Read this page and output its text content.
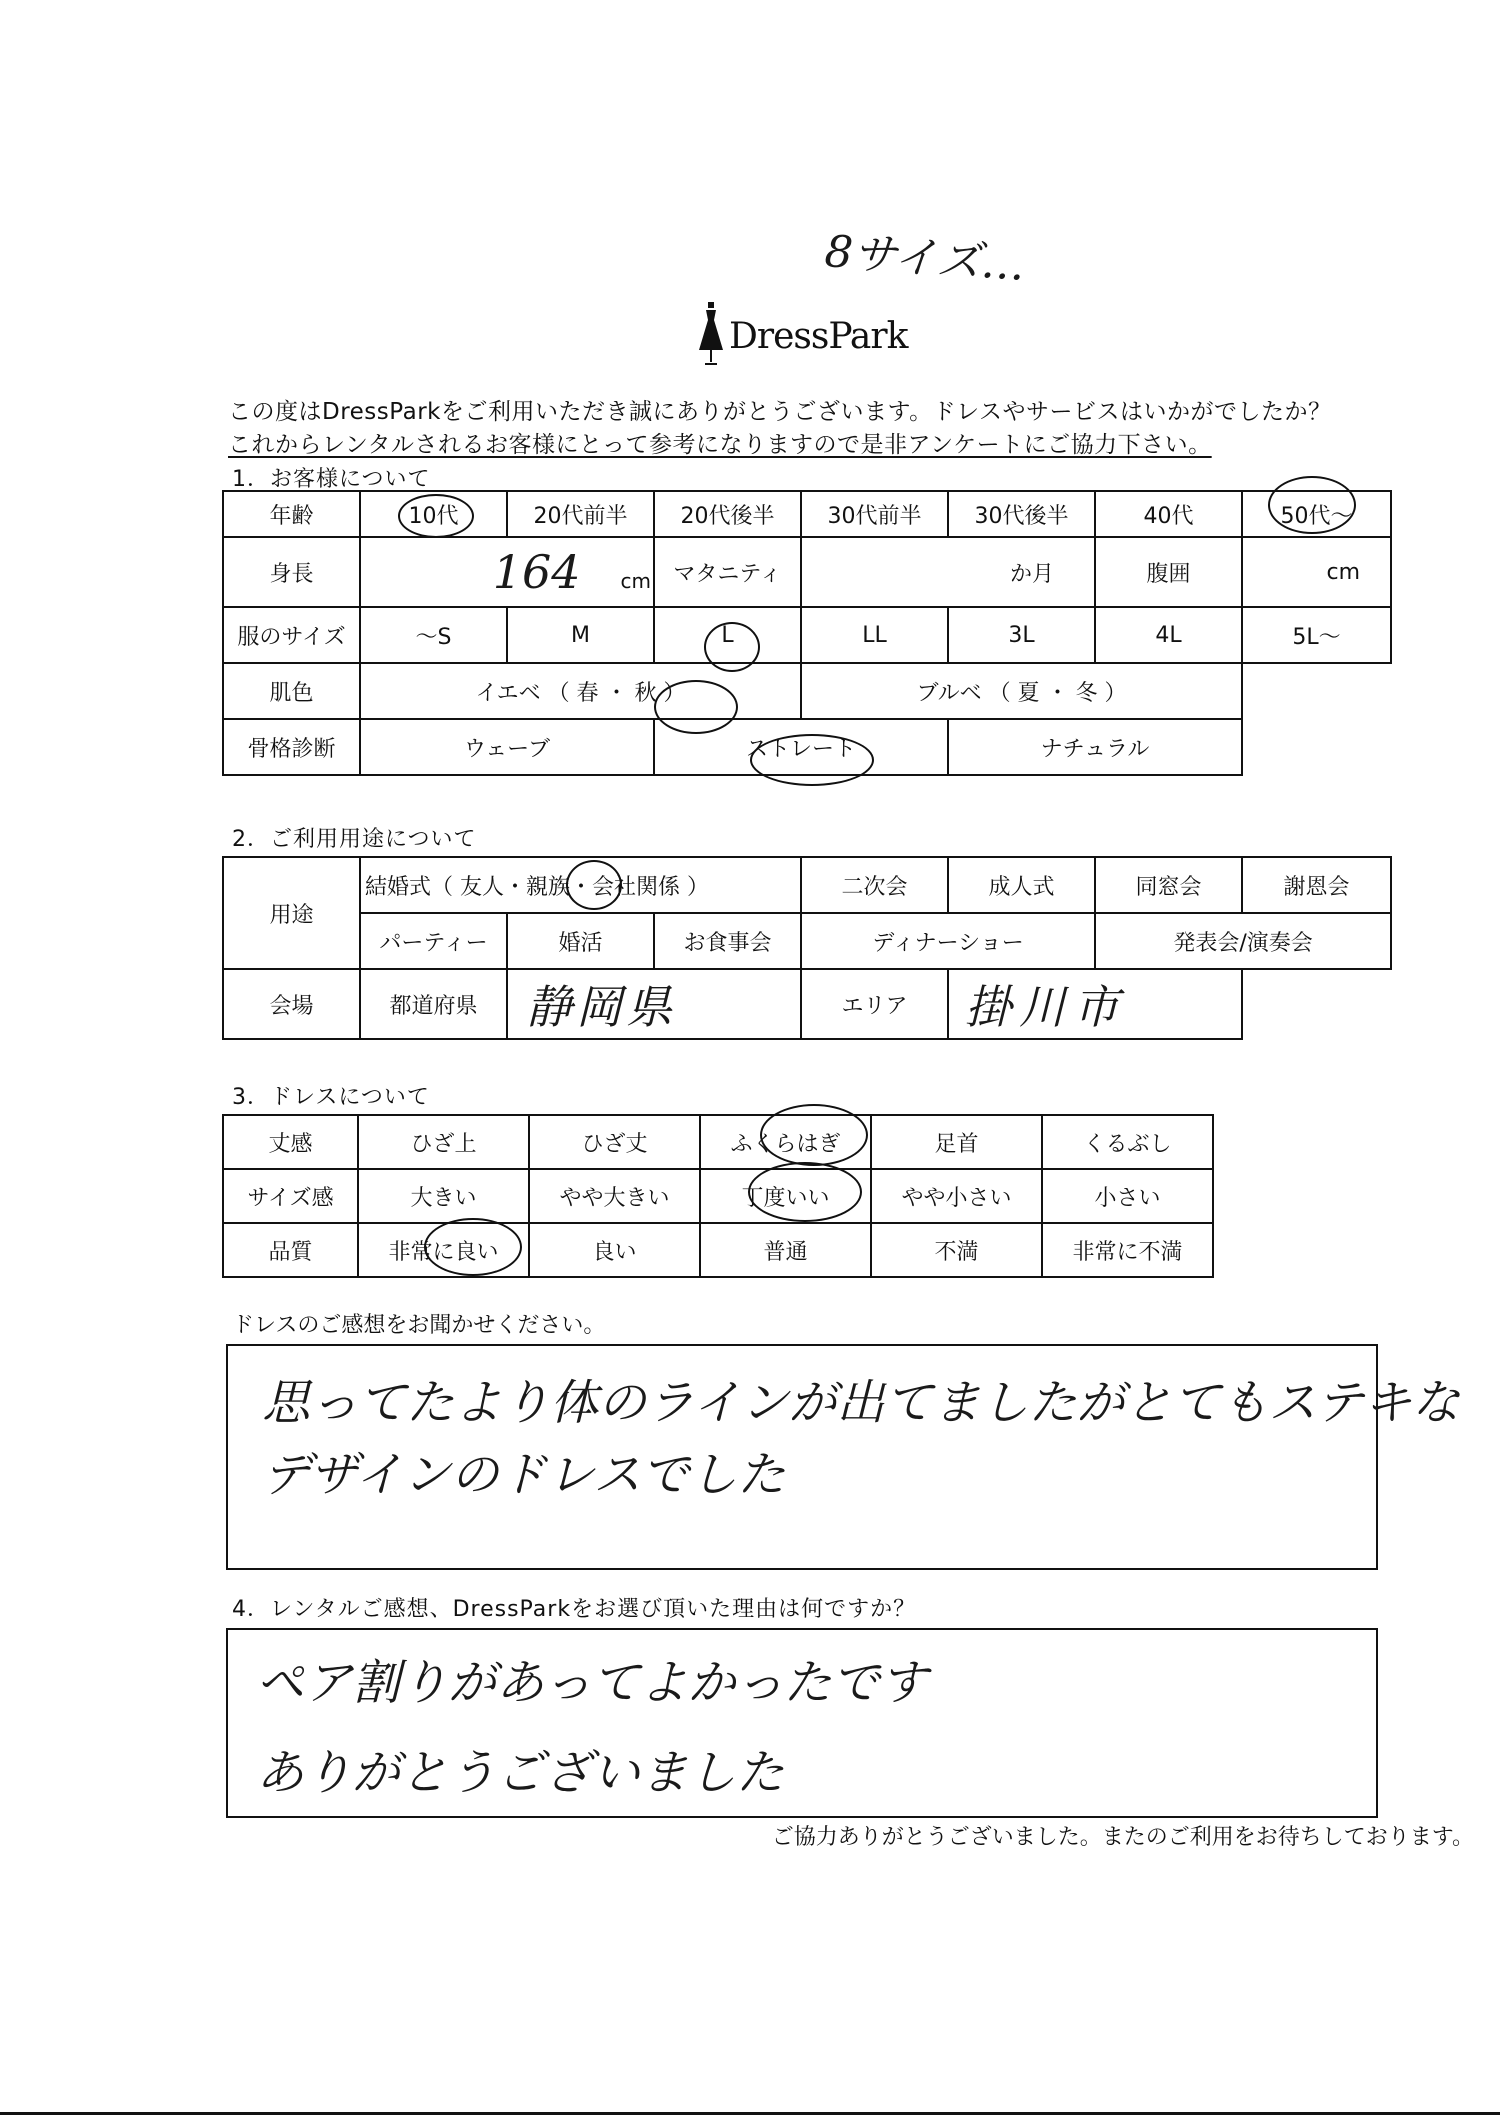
8サイズ…
DressPark
この度はDressParkをご利用いただき誠にありがとうございます。ドレスやサービスはいかがでしたか？
これからレンタルされるお客様にとって参考になりますので是非アンケートにご協力下さい。
1．お客様について
年齢	10代	20代前半	20代後半	30代前半	30代後半	40代	50代〜
身長	164 cm		マタニティ	か月		腹囲	cm
服のサイズ	〜S	M	L	LL	3L	4L	5L〜
肌色	イエベ （ 春 ・ 秋 ）			ブルベ （ 夏 ・ 冬 ）			
骨格診断	ウェーブ		ストレート		ナチュラル		
2．ご利用用途について
用途	結婚式（ 友人・親族・会社関係 ）			二次会	成人式	同窓会	謝恩会
	パーティー	婚活	お食事会	ディナーショー		発表会/演奏会	
会場	都道府県	静岡県		エリア	掛川市		
3．ドレスについて
丈感	ひざ上	ひざ丈	ふくらはぎ	足首	くるぶし
サイズ感	大きい	やや大きい	丁度いい	やや小さい	小さい
品質	非常に良い	良い	普通	不満	非常に不満
ドレスのご感想をお聞かせください。
思ってたより体のラインが出てましたがとてもステキな
デザインのドレスでした
4．レンタルご感想、DressParkをお選び頂いた理由は何ですか？
ペア割りがあってよかったです
ありがとうございました
ご協力ありがとうございました。またのご利用をお待ちしております。
